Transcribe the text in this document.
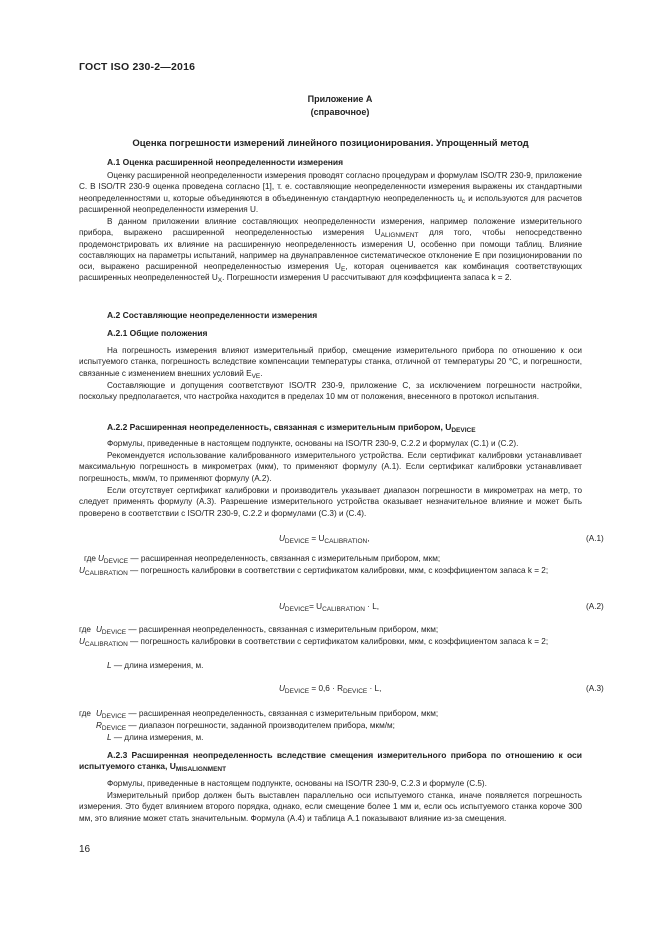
ГОСТ ISO 230-2—2016
Приложение А
(справочное)
Оценка погрешности измерений линейного позиционирования. Упрощенный метод
А.1 Оценка расширенной неопределенности измерения
Оценку расширенной неопределенности измерения проводят согласно процедурам и формулам ISO/TR 230-9, приложение C. В ISO/TR 230-9 оценка проведена согласно [1], т. е. составляющие неопределенности измерения выражены их стандартными неопределенностями u, которые объединяются в объединенную стандартную неопределенность $u_c$ и используются для расчетов расширенной неопределенности измерения U.
В данном приложении влияние составляющих неопределенности измерения, например положение измерительного прибора, выражено расширенной неопределенностью измерения $U_{ALIGNMENT}$ для того, чтобы непосредственно продемонстрировать их влияние на расширенную неопределенность измерения U, особенно при помощи таблиц. Влияние составляющих на параметры испытаний, например на двунаправленное систематическое отклонение E при позиционировании по оси, выражено расширенной неопределенностью измерения $U_E$, которая оценивается как комбинация соответствующих расширенных неопределенностей $U_X$. Погрешности измерения U рассчитывают для коэффициента запаса k = 2.
А.2 Составляющие неопределенности измерения
А.2.1 Общие положения
На погрешность измерения влияют измерительный прибор, смещение измерительного прибора по отношению к оси испытуемого станка, погрешность вследствие компенсации температуры станка, отличной от температуры 20 °C, и погрешности, связанные с изменением внешних условий $E_{VE}$.
Составляющие и допущения соответствуют ISO/TR 230-9, приложение C, за исключением погрешности настройки, поскольку предполагается, что настройка находится в пределах 10 мм от положения, внесенного в протокол испытания.
А.2.2 Расширенная неопределенность, связанная с измерительным прибором, $U_{DEVICE}$
Формулы, приведенные в настоящем подпункте, основаны на ISO/TR 230-9, C.2.2 и формулах (C.1) и (C.2).
Рекомендуется использование калиброванного измерительного устройства. Если сертификат калибровки устанавливает максимальную погрешность в микрометрах (мкм), то применяют формулу (А.1). Если сертификат калибровки устанавливает погрешность, мкм/м, то применяют формулу (А.2).
Если отсутствует сертификат калибровки и производитель указывает диапазон погрешности в микрометрах на метр, то следует применять формулу (А.3). Разрешение измерительного устройства оказывает незначительное влияние и может быть проверено в соответствии с ISO/TR 230-9, C.2.2 и формулами (C.3) и (C.4).
$U_{DEVICE} = U_{CALIBRATION}$,	(А.1)
где $U_{DEVICE}$ — расширенная неопределенность, связанная с измерительным прибором, мкм;
$U_{CALIBRATION}$ — погрешность калибровки в соответствии с сертификатом калибровки, мкм, с коэффициентом запаса k = 2;
$U_{DEVICE}= U_{CALIBRATION} \cdot L$,	(А.2)
где $U_{DEVICE}$ — расширенная неопределенность, связанная с измерительным прибором, мкм;
$U_{CALIBRATION}$ — погрешность калибровки в соответствии с сертификатом калибровки, мкм, с коэффициентом запаса k = 2;
L — длина измерения, м.
$U_{DEVICE} = 0,6 \cdot R_{DEVICE} \cdot L$,	(А.3)
где $U_{DEVICE}$ — расширенная неопределенность, связанная с измерительным прибором, мкм;
$R_{DEVICE}$ — диапазон погрешности, заданной производителем прибора, мкм/м;
L — длина измерения, м.
А.2.3 Расширенная неопределенность вследствие смещения измерительного прибора по отношению к оси испытуемого станка, $U_{MISALIGNMENT}$
Формулы, приведенные в настоящем подпункте, основаны на ISO/TR 230-9, C.2.3 и формуле (C.5).
Измерительный прибор должен быть выставлен параллельно оси испытуемого станка, иначе появляется погрешность измерения. Это будет влиянием второго порядка, однако, если смещение более 1 мм и, если ось испытуемого станка короче 300 мм, это влияние может стать значительным. Формула (А.4) и таблица А.1 показывают влияние из-за смещения.
16
